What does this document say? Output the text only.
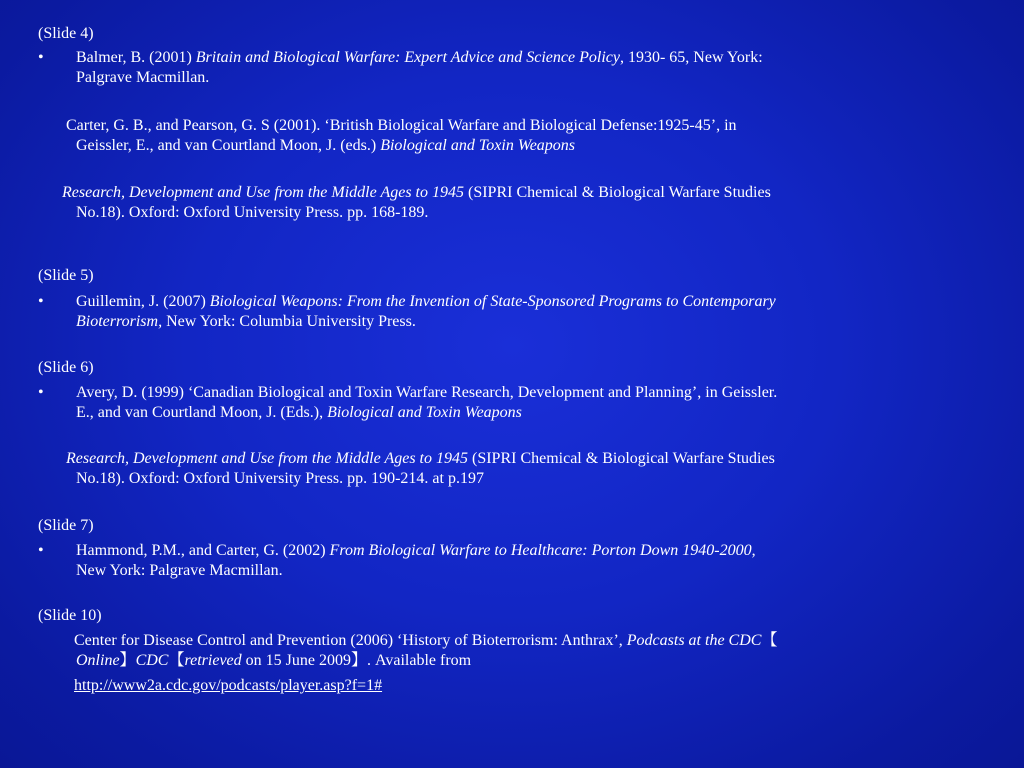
(Slide 4)
• Balmer, B. (2001) Britain and Biological Warfare: Expert Advice and Science Policy, 1930- 65, New York:
Palgrave Macmillan.
Carter, G. B., and Pearson, G. S (2001). ‘British Biological Warfare and Biological Defense:1925-45’, in
Geissler, E., and van Courtland Moon, J. (eds.) Biological and Toxin Weapons
Research, Development and Use from the Middle Ages to 1945 (SIPRI Chemical & Biological Warfare Studies
No.18). Oxford: Oxford University Press. pp. 168-189.
(Slide 5)
• Guillemin, J. (2007) Biological Weapons: From the Invention of State-Sponsored Programs to Contemporary
Bioterrorism, New York: Columbia University Press.
(Slide 6)
• Avery, D. (1999) ‘Canadian Biological and Toxin Warfare Research, Development and Planning’, in Geissler.
E., and van Courtland Moon, J. (Eds.), Biological and Toxin Weapons
Research, Development and Use from the Middle Ages to 1945 (SIPRI Chemical & Biological Warfare Studies
No.18). Oxford: Oxford University Press. pp. 190-214. at p.197
(Slide 7)
• Hammond, P.M., and Carter, G. (2002) From Biological Warfare to Healthcare: Porton Down 1940-2000,
New York: Palgrave Macmillan.
(Slide 10)
Center for Disease Control and Prevention (2006) ‘History of Bioterrorism: Anthrax’, Podcasts at the CDC【
Online】CDC【retrieved on 15 June 2009】. Available from
http://www2a.cdc.gov/podcasts/player.asp?f=1#
